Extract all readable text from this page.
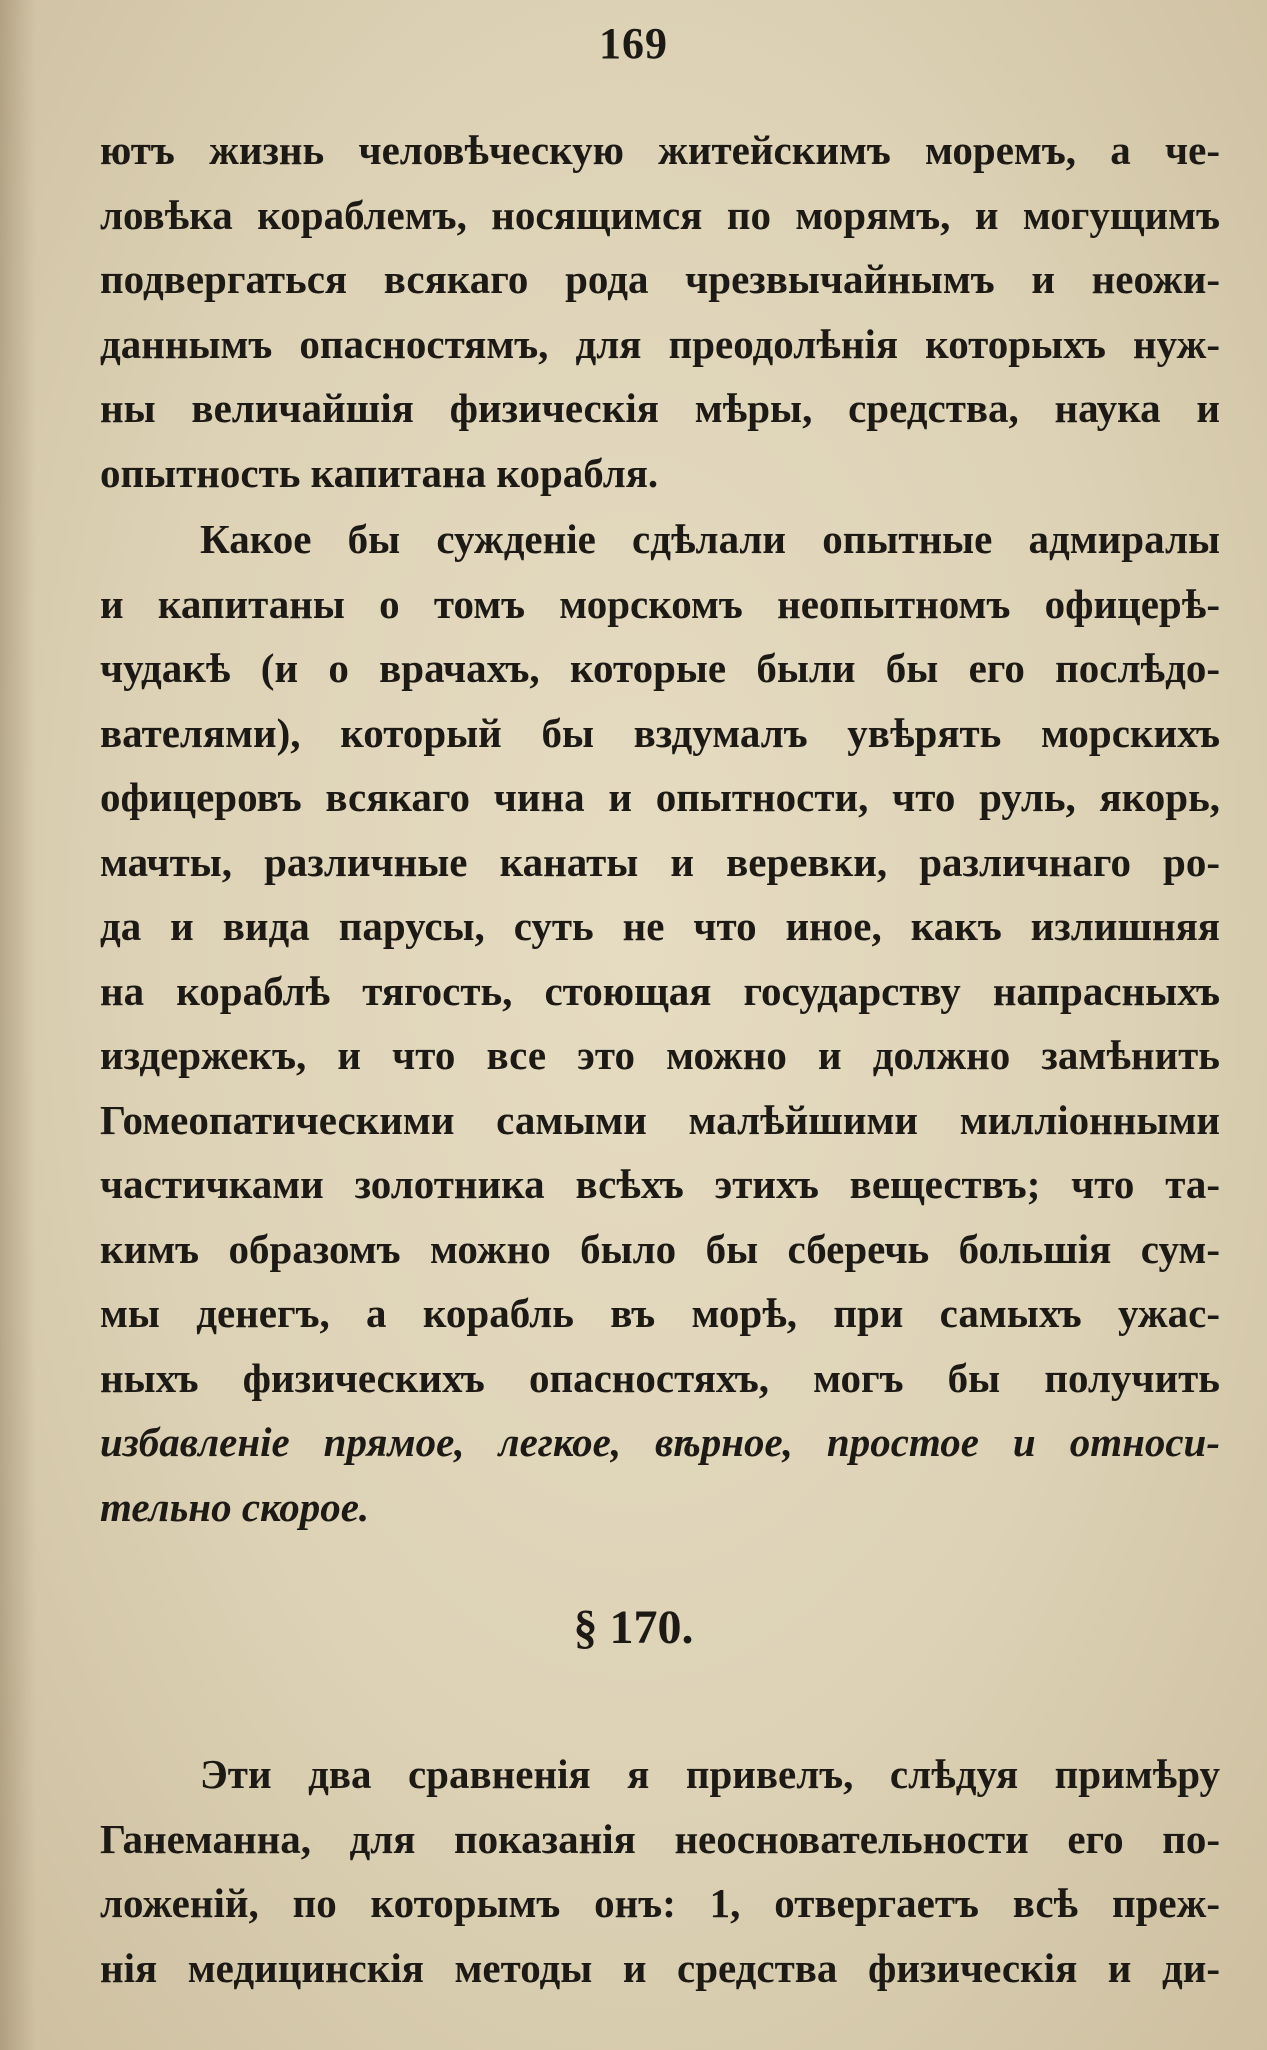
169
ютъ жизнь человѣческую житейскимъ моремъ, а че-
ловѣка кораблемъ, носящимся по морямъ, и могущимъ
подвергаться всякаго рода чрезвычайнымъ и неожи-
даннымъ опасностямъ, для преодолѣнія которыхъ нуж-
ны величайшія физическія мѣры, средства, наука и
опытность капитана корабля.
Какое бы сужденіе сдѣлали опытные адмиралы
и капитаны о томъ морскомъ неопытномъ офицерѣ-
чудакѣ (и о врачахъ, которые были бы его послѣдо-
вателями), который бы вздумалъ увѣрять морскихъ
офицеровъ всякаго чина и опытности, что руль, якорь,
мачты, различные канаты и веревки, различнаго ро-
да и вида парусы, суть не что иное, какъ излишняя
на кораблѣ тягость, стоющая государству напрасныхъ
издержекъ, и что все это можно и должно замѣнить
Гомеопатическими самыми малѣйшими милліонными
частичками золотника всѣхъ этихъ веществъ; что та-
кимъ образомъ можно было бы сберечь большія сум-
мы денегъ, а корабль въ морѣ, при самыхъ ужас-
ныхъ физическихъ опасностяхъ, могъ бы получить
избавленіе прямое, легкое, вѣрное, простое и относи-
тельно скорое.
§ 170.
Эти два сравненія я привелъ, слѣдуя примѣру
Ганеманна, для показанія неосновательности его по-
ложеній, по которымъ онъ: 1, отвергаетъ всѣ преж-
нія медицинскія методы и средства физическія и ди-
